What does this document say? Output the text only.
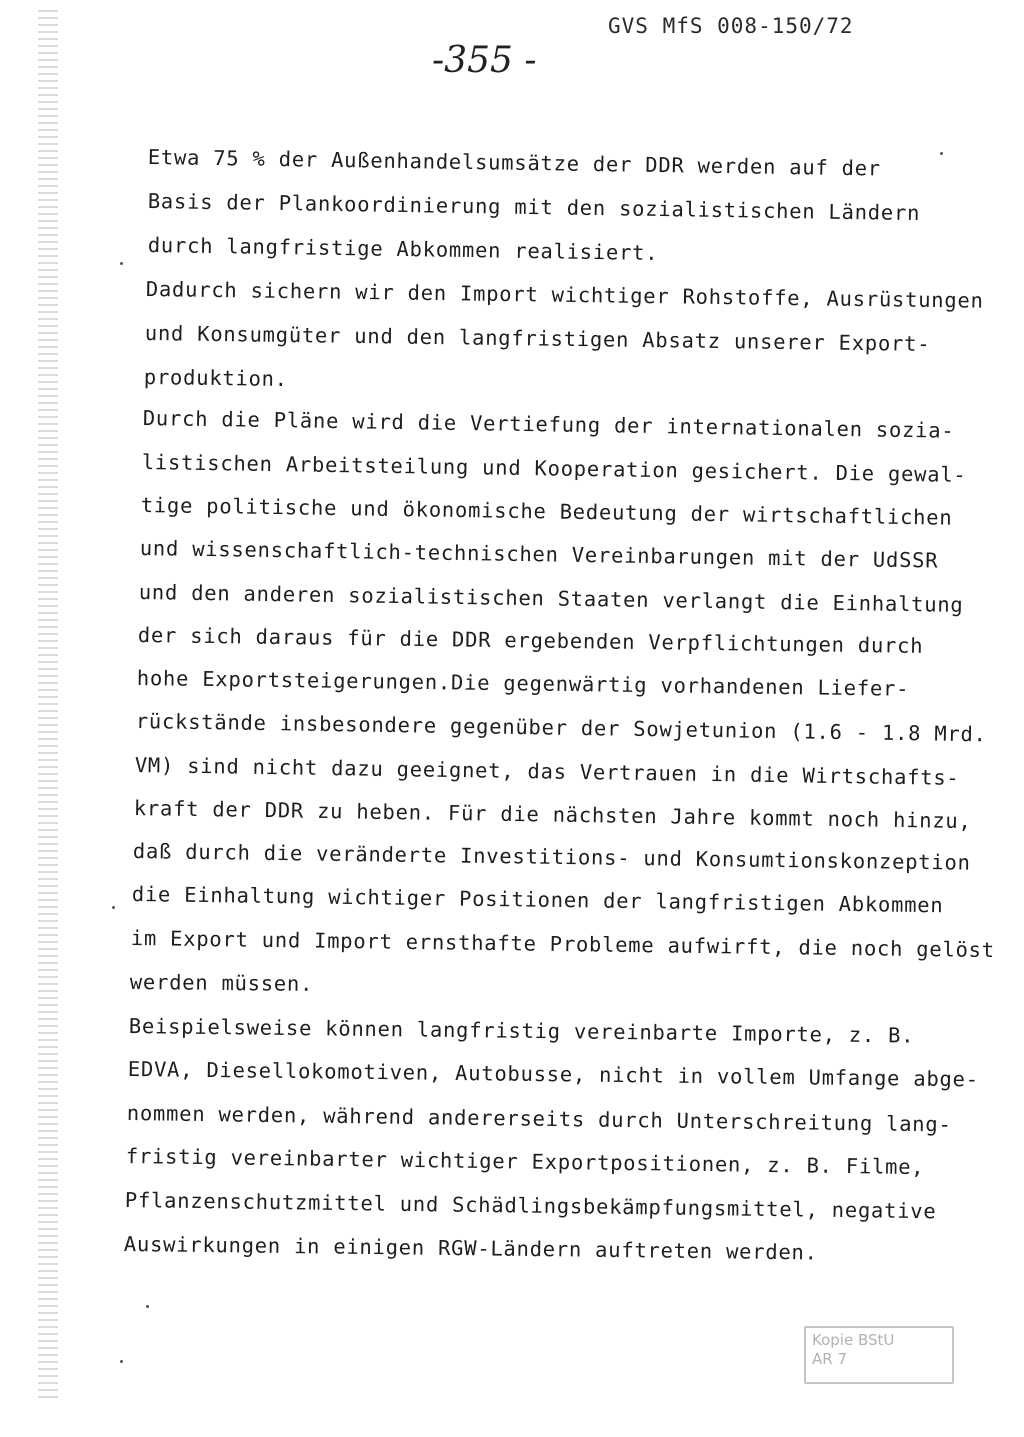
GVS MfS 008-150/72
-355 -
Etwa 75 % der Außenhandelsumsätze der DDR werden auf der
Basis der Plankoordinierung mit den sozialistischen Ländern
durch langfristige Abkommen realisiert.
Dadurch sichern wir den Import wichtiger Rohstoffe, Ausrüstungen
und Konsumgüter und den langfristigen Absatz unserer Export-
produktion.
Durch die Pläne wird die Vertiefung der internationalen sozia-
listischen Arbeitsteilung und Kooperation gesichert. Die gewal-
tige politische und ökonomische Bedeutung der wirtschaftlichen
und wissenschaftlich-technischen Vereinbarungen mit der UdSSR
und den anderen sozialistischen Staaten verlangt die Einhaltung
der sich daraus für die DDR ergebenden Verpflichtungen durch
hohe Exportsteigerungen.Die gegenwärtig vorhandenen Liefer-
rückstände insbesondere gegenüber der Sowjetunion (1.6 - 1.8 Mrd.
VM) sind nicht dazu geeignet, das Vertrauen in die Wirtschafts-
kraft der DDR zu heben. Für die nächsten Jahre kommt noch hinzu,
daß durch die veränderte Investitions- und Konsumtionskonzeption
die Einhaltung wichtiger Positionen der langfristigen Abkommen
im Export und Import ernsthafte Probleme aufwirft, die noch gelöst
werden müssen.
Beispielsweise können langfristig vereinbarte Importe, z. B.
EDVA, Diesellokomotiven, Autobusse, nicht in vollem Umfange abge-
nommen werden, während andererseits durch Unterschreitung lang-
fristig vereinbarter wichtiger Exportpositionen, z. B. Filme,
Pflanzenschutzmittel und Schädlingsbekämpfungsmittel, negative
Auswirkungen in einigen RGW-Ländern auftreten werden.
Kopie BStU
AR 7
